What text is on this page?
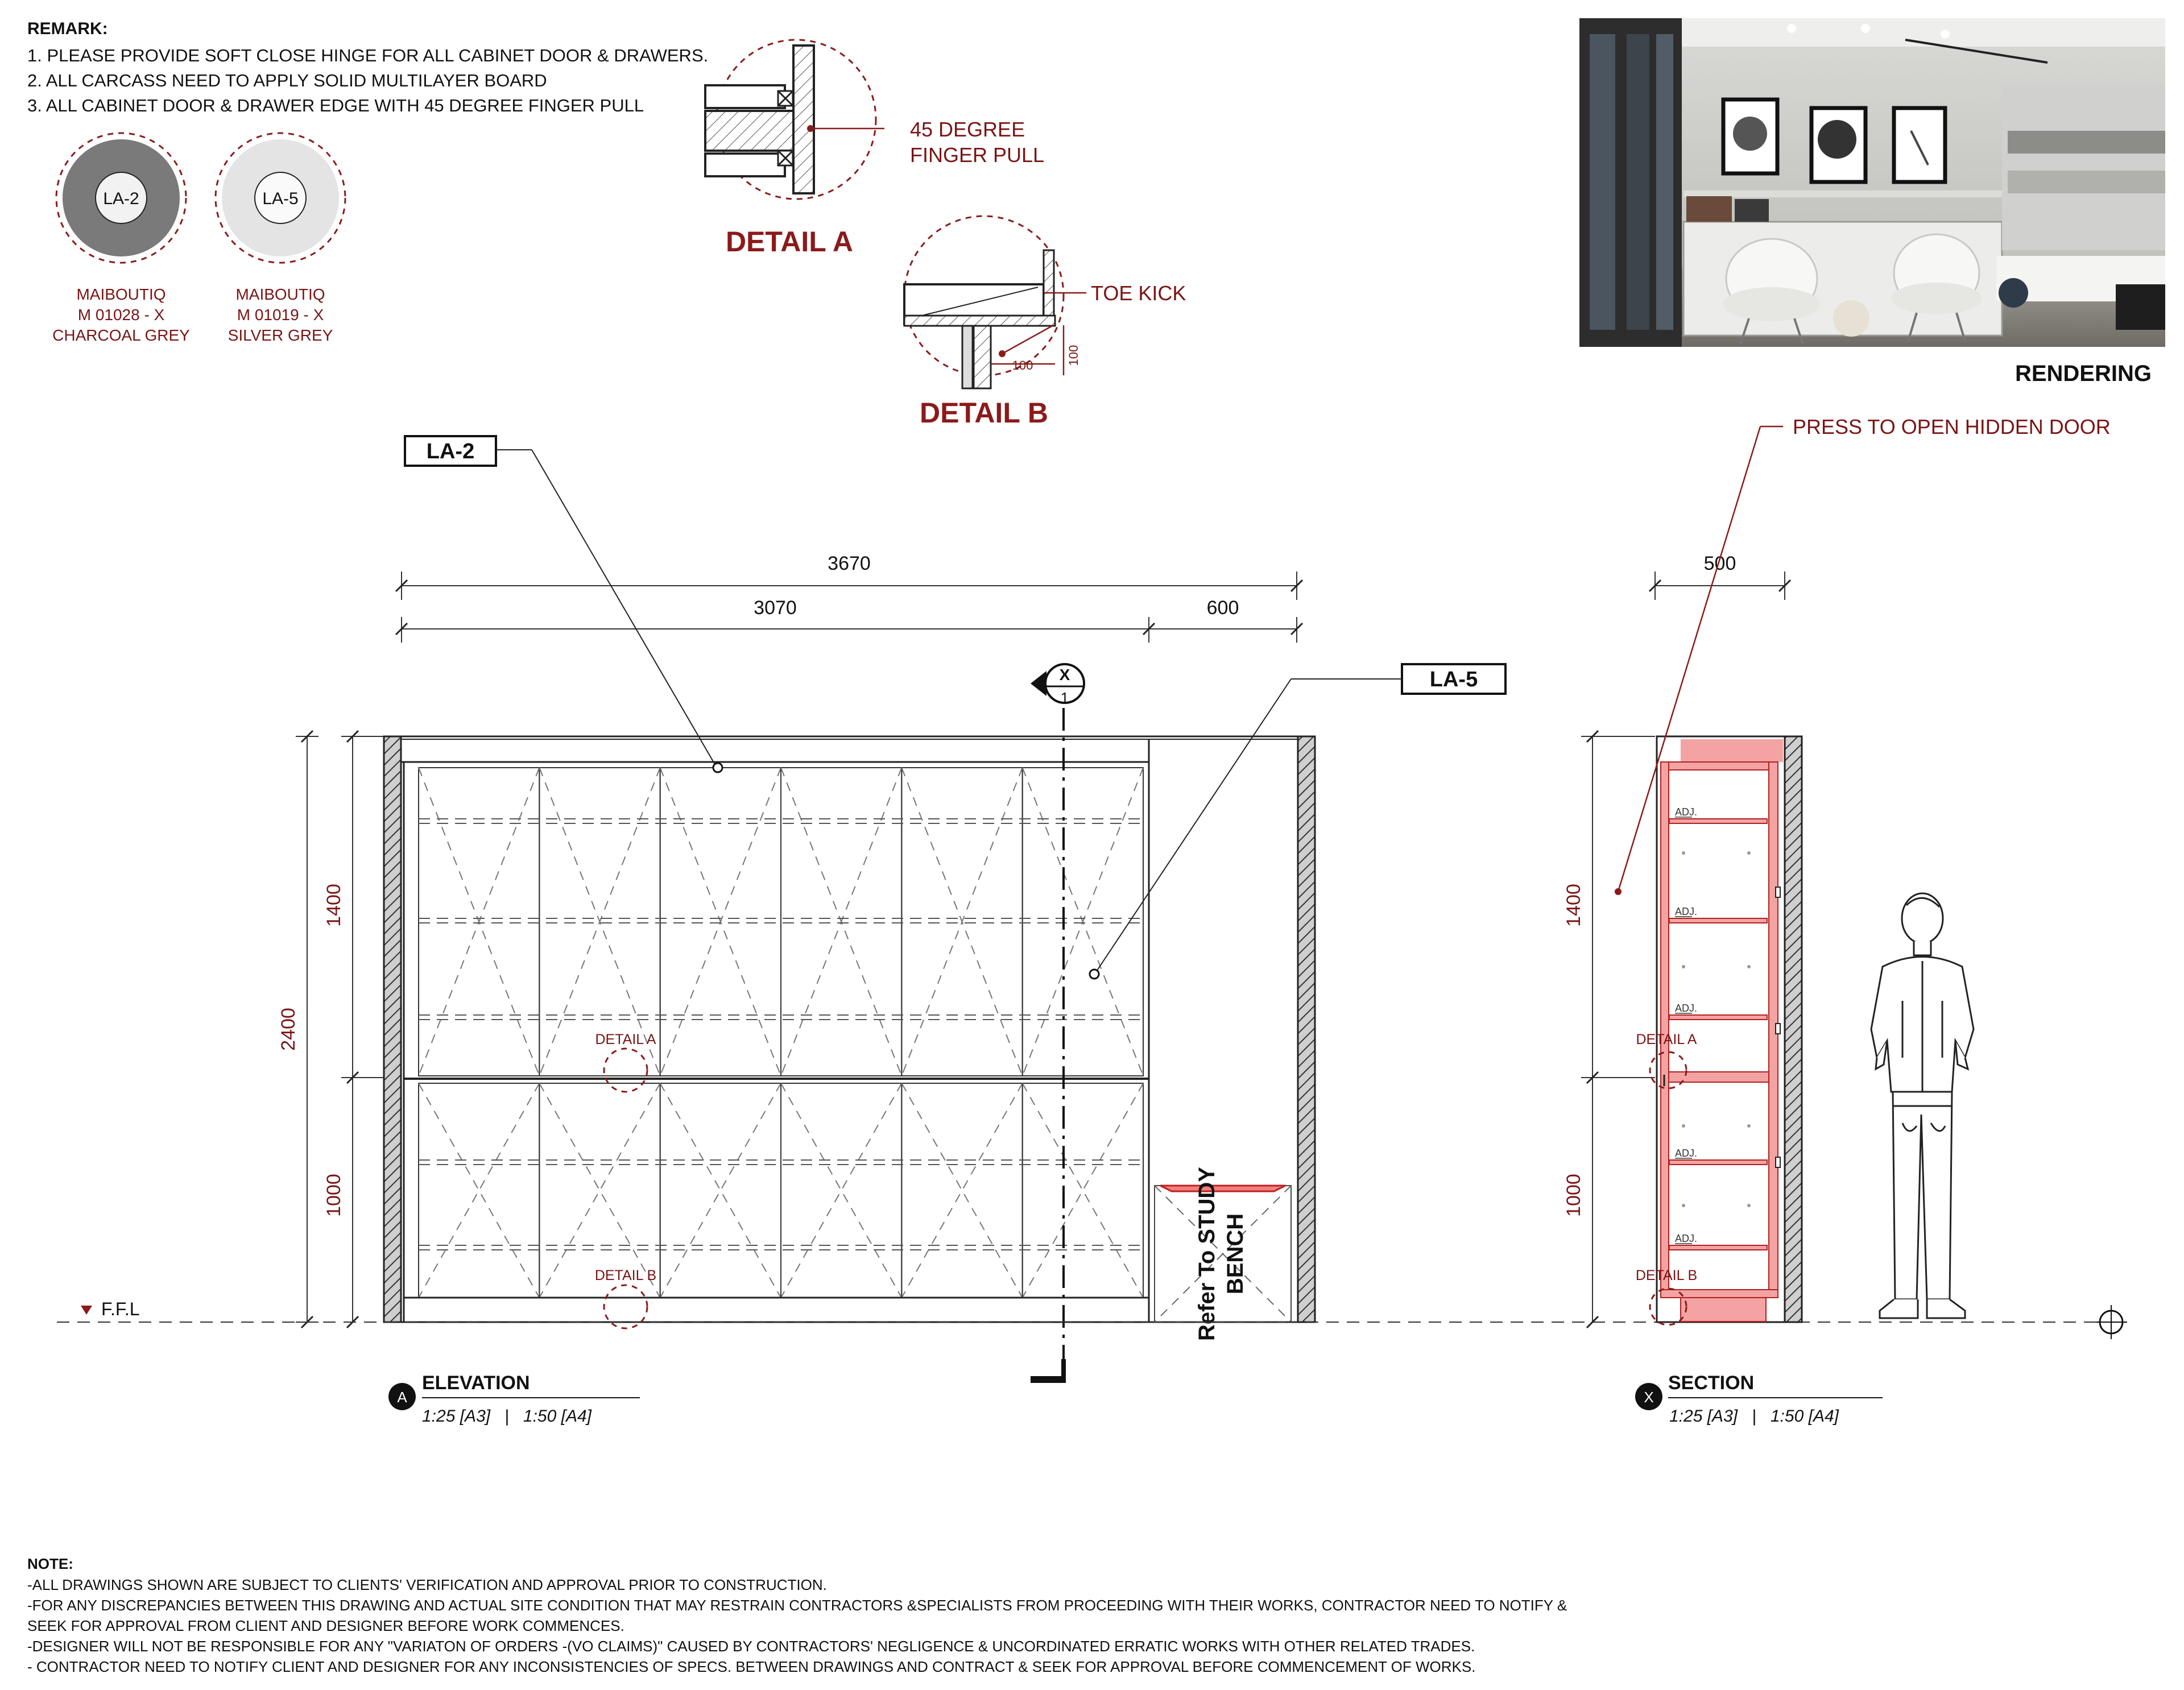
REMARK:
1. PLEASE PROVIDE SOFT CLOSE HINGE FOR ALL CABINET DOOR & DRAWERS.
2. ALL CARCASS NEED TO APPLY SOLID MULTILAYER BOARD
3. ALL CABINET DOOR & DRAWER EDGE WITH 45 DEGREE FINGER PULL
LA-2
MAIBOUTIQ
M 01028 - X
CHARCOAL GREY
LA-5
MAIBOUTIQ
M 01019 - X
SILVER GREY
45 DEGREE
FINGER PULL
DETAIL A
TOE KICK
100	100
DETAIL B
RENDERING
3670
3070	600
2400
1400
1000	Refer To STUDY BENCH
X
1
LA-2
LA-5
DETAIL A
DETAIL B
F.F.L
A
ELEVATION
1:25 [A3]   |   1:50 [A4]
500
1400
1000
ADJ.
ADJ.
ADJ.
ADJ.
ADJ.
DETAIL A
DETAIL B
PRESS TO OPEN HIDDEN DOOR
X
SECTION
1:25 [A3]   |   1:50 [A4]
NOTE:
-ALL DRAWINGS SHOWN ARE SUBJECT TO CLIENTS' VERIFICATION AND APPROVAL PRIOR TO CONSTRUCTION.
-FOR ANY DISCREPANCIES BETWEEN THIS DRAWING AND ACTUAL SITE CONDITION THAT MAY RESTRAIN CONTRACTORS &SPECIALISTS FROM PROCEEDING WITH THEIR WORKS, CONTRACTOR NEED TO NOTIFY &
SEEK FOR APPROVAL FROM CLIENT AND DESIGNER BEFORE WORK COMMENCES.
-DESIGNER WILL NOT BE RESPONSIBLE FOR ANY "VARIATON OF ORDERS -(VO CLAIMS)" CAUSED BY CONTRACTORS' NEGLIGENCE & UNCORDINATED ERRATIC WORKS WITH OTHER RELATED TRADES.
- CONTRACTOR NEED TO NOTIFY CLIENT AND DESIGNER FOR ANY INCONSISTENCIES OF SPECS. BETWEEN DRAWINGS AND CONTRACT & SEEK FOR APPROVAL BEFORE COMMENCEMENT OF WORKS.
